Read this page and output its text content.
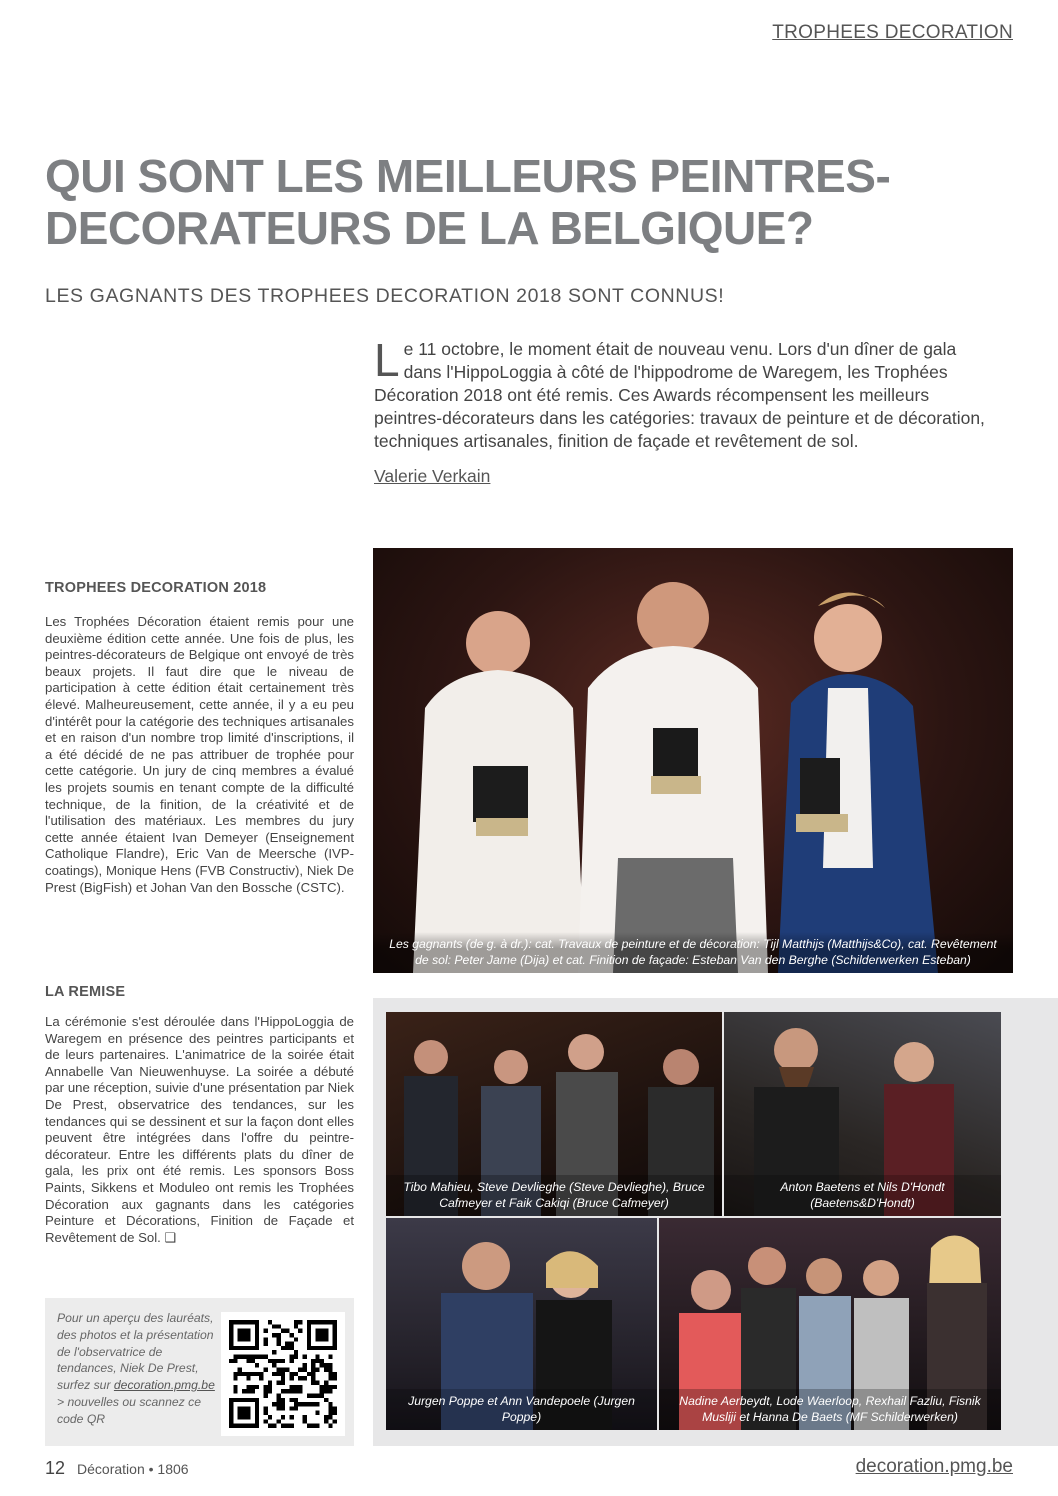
TROPHEES DECORATION
QUI SONT LES MEILLEURS PEINTRES-DECORATEURS DE LA BELGIQUE?
LES GAGNANTS DES TROPHEES DECORATION 2018 SONT CONNUS!
Le 11 octobre, le moment était de nouveau venu. Lors d'un dîner de gala dans l'HippoLoggia à côté de l'hippodrome de Waregem, les Trophées Décoration 2018 ont été remis. Ces Awards récompensent les meilleurs peintres-décorateurs dans les catégories: travaux de peinture et de décoration, techniques artisanales, finition de façade et revêtement de sol.
Valerie Verkain
TROPHEES DECORATION 2018

Les Trophées Décoration étaient remis pour une deuxième édition cette année. Une fois de plus, les peintres-décorateurs de Belgique ont envoyé de très beaux projets. Il faut dire que le niveau de participation à cette édition était certainement très élevé. Malheureusement, cette année, il y a eu peu d'intérêt pour la catégorie des techniques artisanales et en raison d'un nombre trop limité d'inscriptions, il a été décidé de ne pas attribuer de trophée pour cette catégorie. Un jury de cinq membres a évalué les projets soumis en tenant compte de la difficulté technique, de la finition, de la créativité et de l'utilisation des matériaux. Les membres du jury cette année étaient Ivan Demeyer (Enseignement Catholique Flandre), Eric Van de Meersche (IVP-coatings), Monique Hens (FVB Constructiv), Niek De Prest (BigFish) et Johan Van den Bossche (CSTC).

LA REMISE

La cérémonie s'est déroulée dans l'HippoLoggia de Waregem en présence des peintres participants et de leurs partenaires. L'animatrice de la soirée était Annabelle Van Nieuwenhuyse. La soirée a débuté par une réception, suivie d'une présentation par Niek De Prest, observatrice des tendances, sur les tendances qui se dessinent et sur la façon dont elles peuvent être intégrées dans l'offre du peintre-décorateur. Entre les différents plats du dîner de gala, les prix ont été remis. Les sponsors Boss Paints, Sikkens et Moduleo ont remis les Trophées Décoration aux gagnants dans les catégories Peinture et Décorations, Finition de Façade et Revêtement de Sol. ❑

Les gagnants (de g. à dr.): cat. Travaux de peinture et de décoration: Tijl Matthijs (Matthijs&Co), cat. Revêtement de sol: Peter Jame (Dija) et cat. Finition de façade: Esteban Van den Berghe (Schilderwerken Esteban)
Tibo Mahieu, Steve Devlieghe (Steve Devlieghe), Bruce Cafmeyer et Faik Cakiqi (Bruce Cafmeyer)
Anton Baetens et Nils D'Hondt (Baetens&D'Hondt)
Jurgen Poppe et Ann Vandepoele (Jurgen Poppe)
Nadine Aerbeydt, Lode Waerloop, Rexhail Fazliu, Fisnik Musliji et Hanna De Baets (MF Schilderwerken)
Pour un aperçu des lauréats, des photos et la présentation de l'observatrice de tendances, Niek De Prest, surfez sur decoration.pmg.be > nouvelles ou scannez ce code QR
12 Décoration • 1806	decoration.pmg.be
